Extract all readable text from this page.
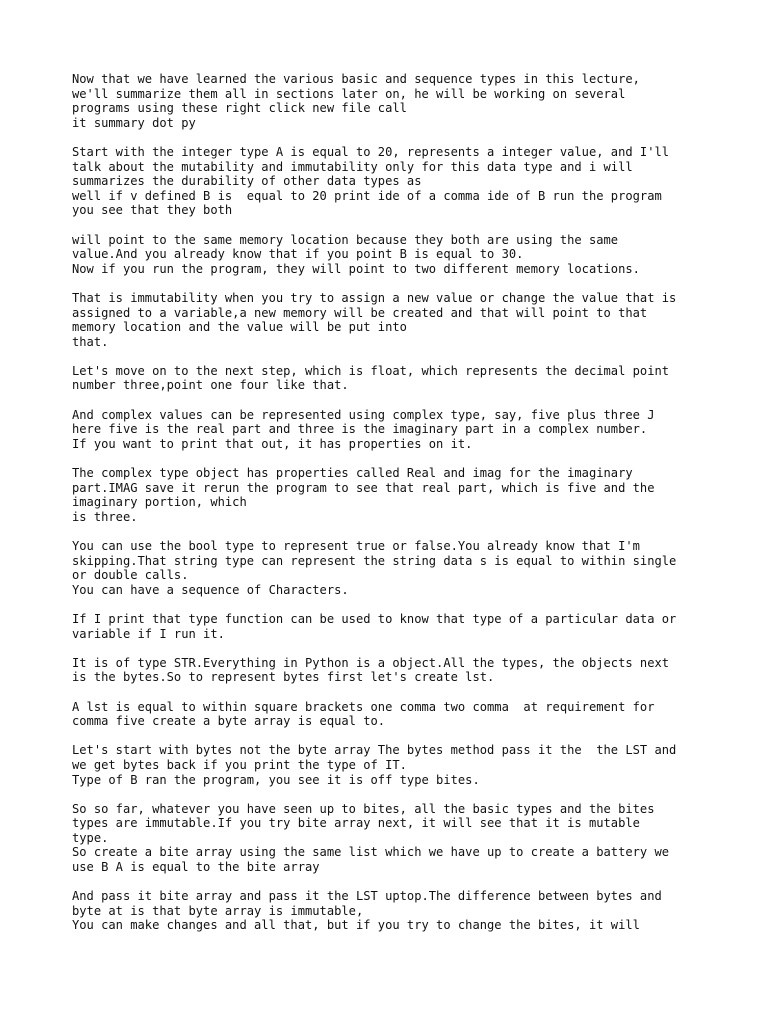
Now that we have learned the various basic and sequence types in this lecture,
we'll summarize them all in sections later on, he will be working on several
programs using these right click new file call
it summary dot py
Start with the integer type A is equal to 20, represents a integer value, and I'll
talk about the mutability and immutability only for this data type and i will
summarizes the durability of other data types as
well if v defined B is  equal to 20 print ide of a comma ide of B run the program
you see that they both
will point to the same memory location because they both are using the same
value.And you already know that if you point B is equal to 30.
Now if you run the program, they will point to two different memory locations.
That is immutability when you try to assign a new value or change the value that is
assigned to a variable,a new memory will be created and that will point to that
memory location and the value will be put into
that.
Let's move on to the next step, which is float, which represents the decimal point
number three,point one four like that.
And complex values can be represented using complex type, say, five plus three J
here five is the real part and three is the imaginary part in a complex number.
If you want to print that out, it has properties on it.
The complex type object has properties called Real and imag for the imaginary
part.IMAG save it rerun the program to see that real part, which is five and the
imaginary portion, which
is three.
You can use the bool type to represent true or false.You already know that I'm
skipping.That string type can represent the string data s is equal to within single
or double calls.
You can have a sequence of Characters.
If I print that type function can be used to know that type of a particular data or
variable if I run it.
It is of type STR.Everything in Python is a object.All the types, the objects next
is the bytes.So to represent bytes first let's create lst.
A lst is equal to within square brackets one comma two comma  at requirement for
comma five create a byte array is equal to.
Let's start with bytes not the byte array The bytes method pass it the  the LST and
we get bytes back if you print the type of IT.
Type of B ran the program, you see it is off type bites.
So so far, whatever you have seen up to bites, all the basic types and the bites
types are immutable.If you try bite array next, it will see that it is mutable
type.
So create a bite array using the same list which we have up to create a battery we
use B A is equal to the bite array
And pass it bite array and pass it the LST uptop.The difference between bytes and
byte at is that byte array is immutable,
You can make changes and all that, but if you try to change the bites, it will
